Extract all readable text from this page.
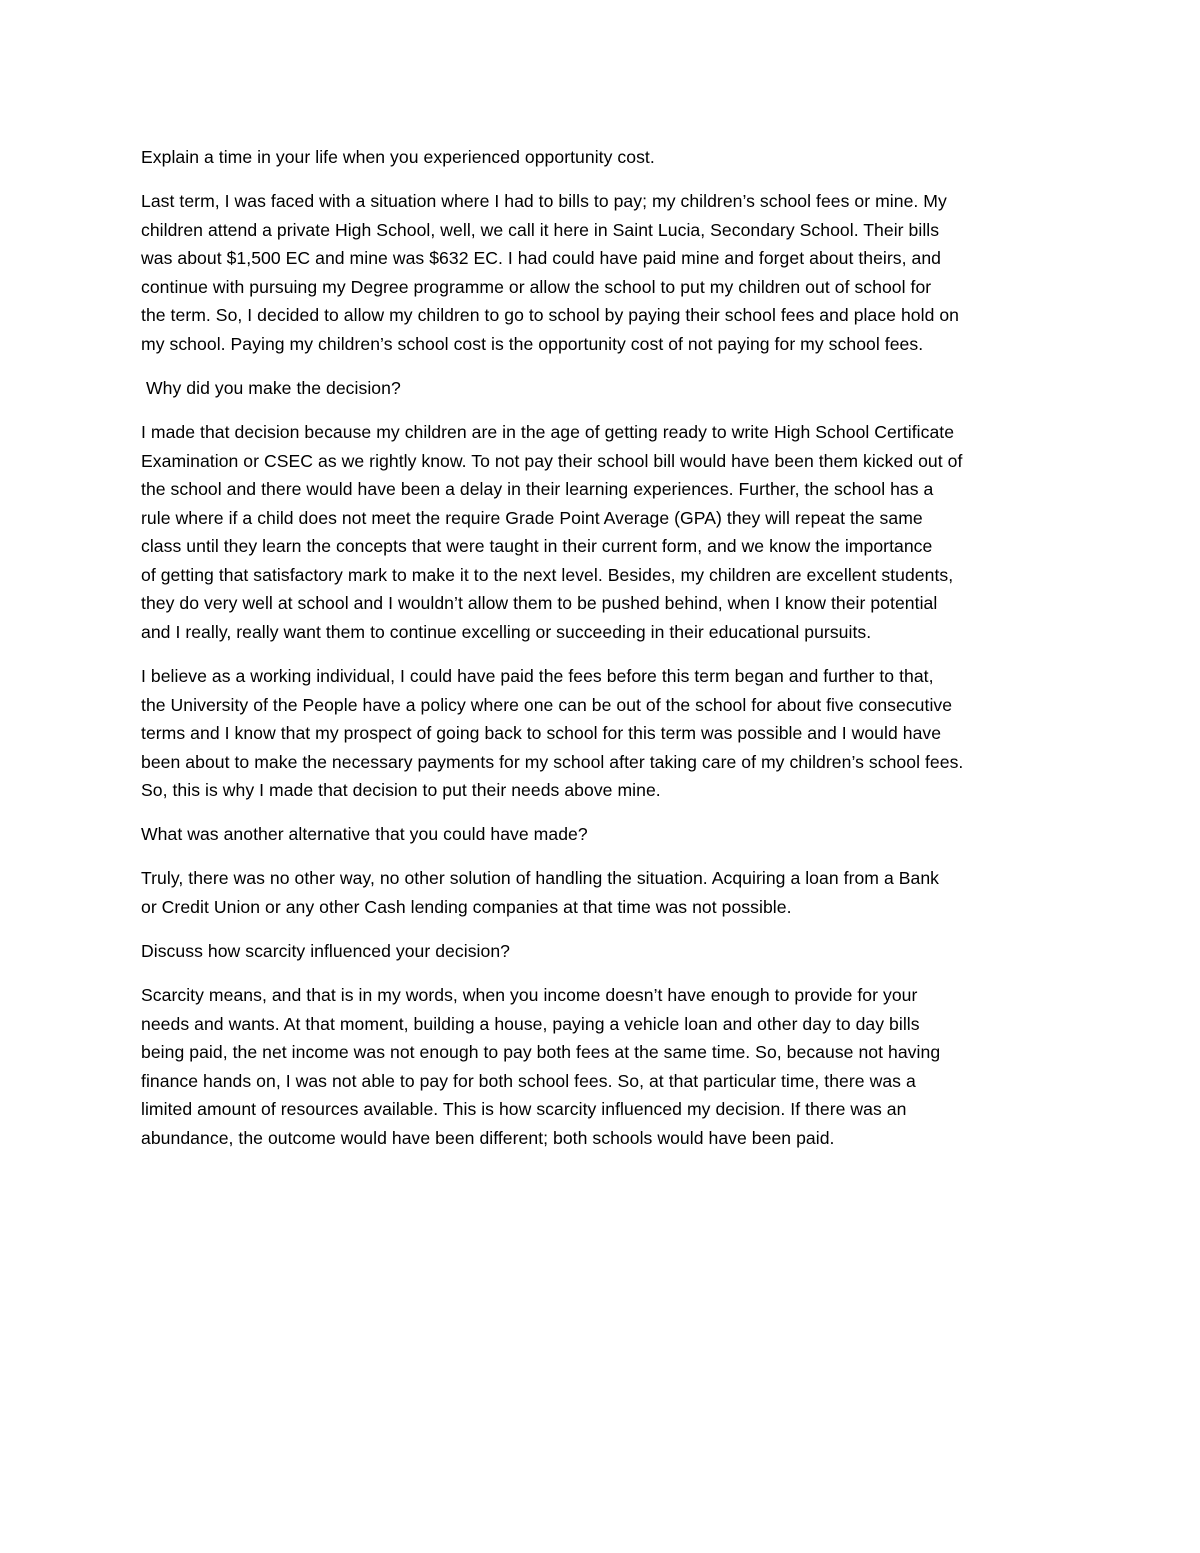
Explain a time in your life when you experienced opportunity cost.

Last term, I was faced with a situation where I had to bills to pay; my children’s school fees or mine. My
children attend a private High School, well, we call it here in Saint Lucia, Secondary School. Their bills
was about $1,500 EC and mine was $632 EC. I had could have paid mine and forget about theirs, and
continue with pursuing my Degree programme or allow the school to put my children out of school for
the term. So, I decided to allow my children to go to school by paying their school fees and place hold on
my school. Paying my children’s school cost is the opportunity cost of not paying for my school fees.

Why did you make the decision?

I made that decision because my children are in the age of getting ready to write High School Certificate
Examination or CSEC as we rightly know. To not pay their school bill would have been them kicked out of
the school and there would have been a delay in their learning experiences. Further, the school has a
rule where if a child does not meet the require Grade Point Average (GPA) they will repeat the same
class until they learn the concepts that were taught in their current form, and we know the importance
of getting that satisfactory mark to make it to the next level. Besides, my children are excellent students,
they do very well at school and I wouldn’t allow them to be pushed behind, when I know their potential
and I really, really want them to continue excelling or succeeding in their educational pursuits.

I believe as a working individual, I could have paid the fees before this term began and further to that,
the University of the People have a policy where one can be out of the school for about five consecutive
terms and I know that my prospect of going back to school for this term was possible and I would have
been about to make the necessary payments for my school after taking care of my children’s school fees.
So, this is why I made that decision to put their needs above mine.

What was another alternative that you could have made?

Truly, there was no other way, no other solution of handling the situation. Acquiring a loan from a Bank
or Credit Union or any other Cash lending companies at that time was not possible.

Discuss how scarcity influenced your decision?

Scarcity means, and that is in my words, when you income doesn’t have enough to provide for your
needs and wants. At that moment, building a house, paying a vehicle loan and other day to day bills
being paid, the net income was not enough to pay both fees at the same time. So, because not having
finance hands on, I was not able to pay for both school fees. So, at that particular time, there was a
limited amount of resources available. This is how scarcity influenced my decision. If there was an
abundance, the outcome would have been different; both schools would have been paid.
